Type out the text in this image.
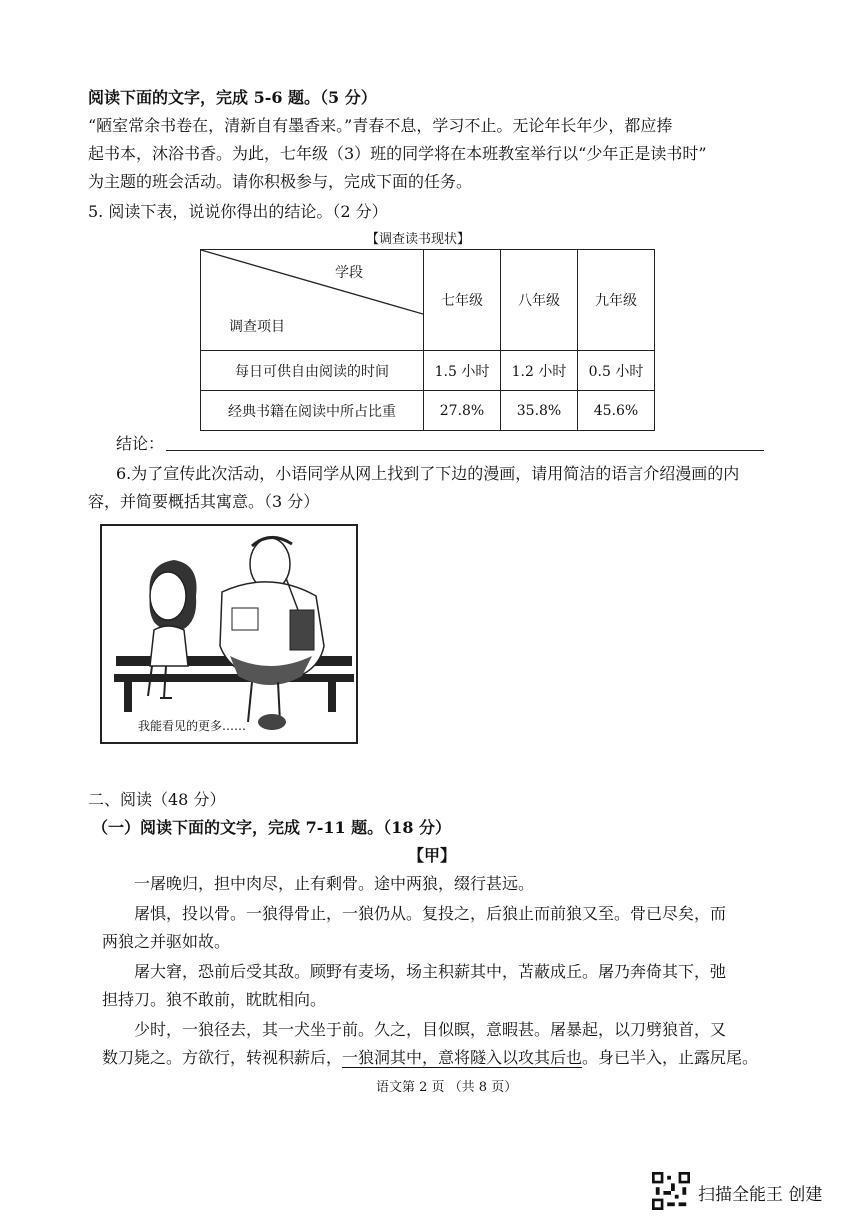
阅读下面的文字，完成 5-6 题。（5 分）
“陋室常余书卷在，清新自有墨香来。”青春不息，学习不止。无论年长年少，都应捧
起书本，沐浴书香。为此，七年级（3）班的同学将在本班教室举行以“少年正是读书时”
为主题的班会活动。请你积极参与，完成下面的任务。
5. 阅读下表，说说你得出的结论。（2 分）
【调查读书现状】
学段
调查项目	七年级	八年级	九年级
每日可供自由阅读的时间	1.5 小时	1.2 小时	0.5 小时
经典书籍在阅读中所占比重	27.8%	35.8%	45.6%
结论：
6.为了宣传此次活动，小语同学从网上找到了下边的漫画，请用简洁的语言介绍漫画的内
容，并简要概括其寓意。（3 分）
我能看见的更多……
二、阅读（48 分）
（一）阅读下面的文字，完成 7-11 题。（18 分）
【甲】
一屠晚归，担中肉尽，止有剩骨。途中两狼，缀行甚远。
屠惧，投以骨。一狼得骨止，一狼仍从。复投之，后狼止而前狼又至。骨已尽矣，而
两狼之并驱如故。
屠大窘，恐前后受其敌。顾野有麦场，场主积薪其中，苫蔽成丘。屠乃奔倚其下，弛
担持刀。狼不敢前，眈眈相向。
少时，一狼径去，其一犬坐于前。久之，目似瞑，意暇甚。屠暴起，以刀劈狼首，又
数刀毙之。方欲行，转视积薪后，一狼洞其中，意将隧入以攻其后也。身已半入，止露尻尾。
语文第 2 页 （共 8 页）
扫描全能王 创建
